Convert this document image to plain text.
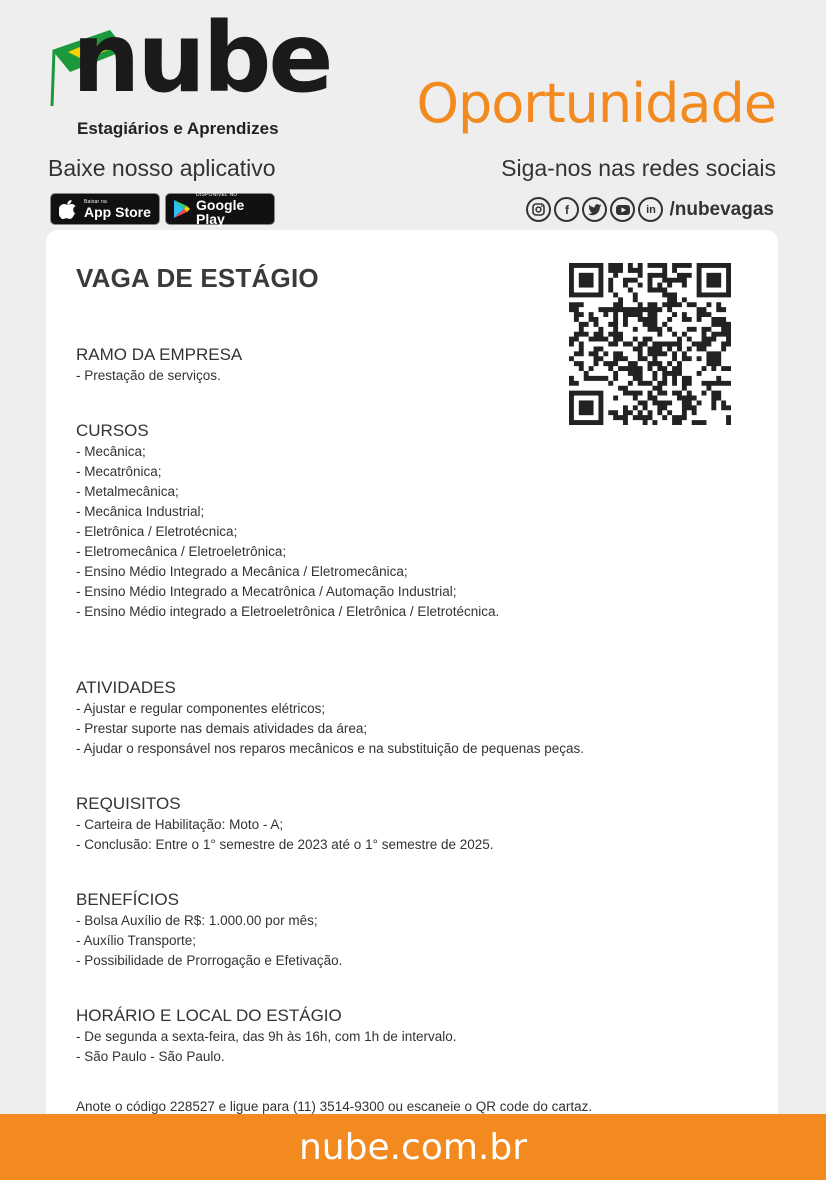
nube
Estagiários e Aprendizes	Oportunidade
Baixe nosso aplicativo	Siga-nos nas redes sociais
Baixar na
App Store
DISPONÍVEL NO
Google Play
f	in /nubevagas
VAGA DE ESTÁGIO
RAMO DA EMPRESA
- Prestação de serviços.
CURSOS
- Mecânica;
- Mecatrônica;
- Metalmecânica;
- Mecânica Industrial;
- Eletrônica / Eletrotécnica;
- Eletromecânica / Eletroeletrônica;
- Ensino Médio Integrado a Mecânica / Eletromecânica;
- Ensino Médio Integrado a Mecatrônica / Automação Industrial;
- Ensino Médio integrado a Eletroeletrônica / Eletrônica / Eletrotécnica.
ATIVIDADES
- Ajustar e regular componentes elétricos;
- Prestar suporte nas demais atividades da área;
- Ajudar o responsável nos reparos mecânicos e na substituição de pequenas peças.
REQUISITOS
- Carteira de Habilitação: Moto - A;
- Conclusão: Entre o 1° semestre de 2023 até o 1° semestre de 2025.
BENEFÍCIOS
- Bolsa Auxílio de R$: 1.000.00 por mês;
- Auxílio Transporte;
- Possibilidade de Prorrogação e Efetivação.
HORÁRIO E LOCAL DO ESTÁGIO
- De segunda a sexta-feira, das 9h às 16h, com 1h de intervalo.
- São Paulo - São Paulo.
Anote o código 228527 e ligue para (11) 3514-9300 ou escaneie o QR code do cartaz.
nube.com.br
